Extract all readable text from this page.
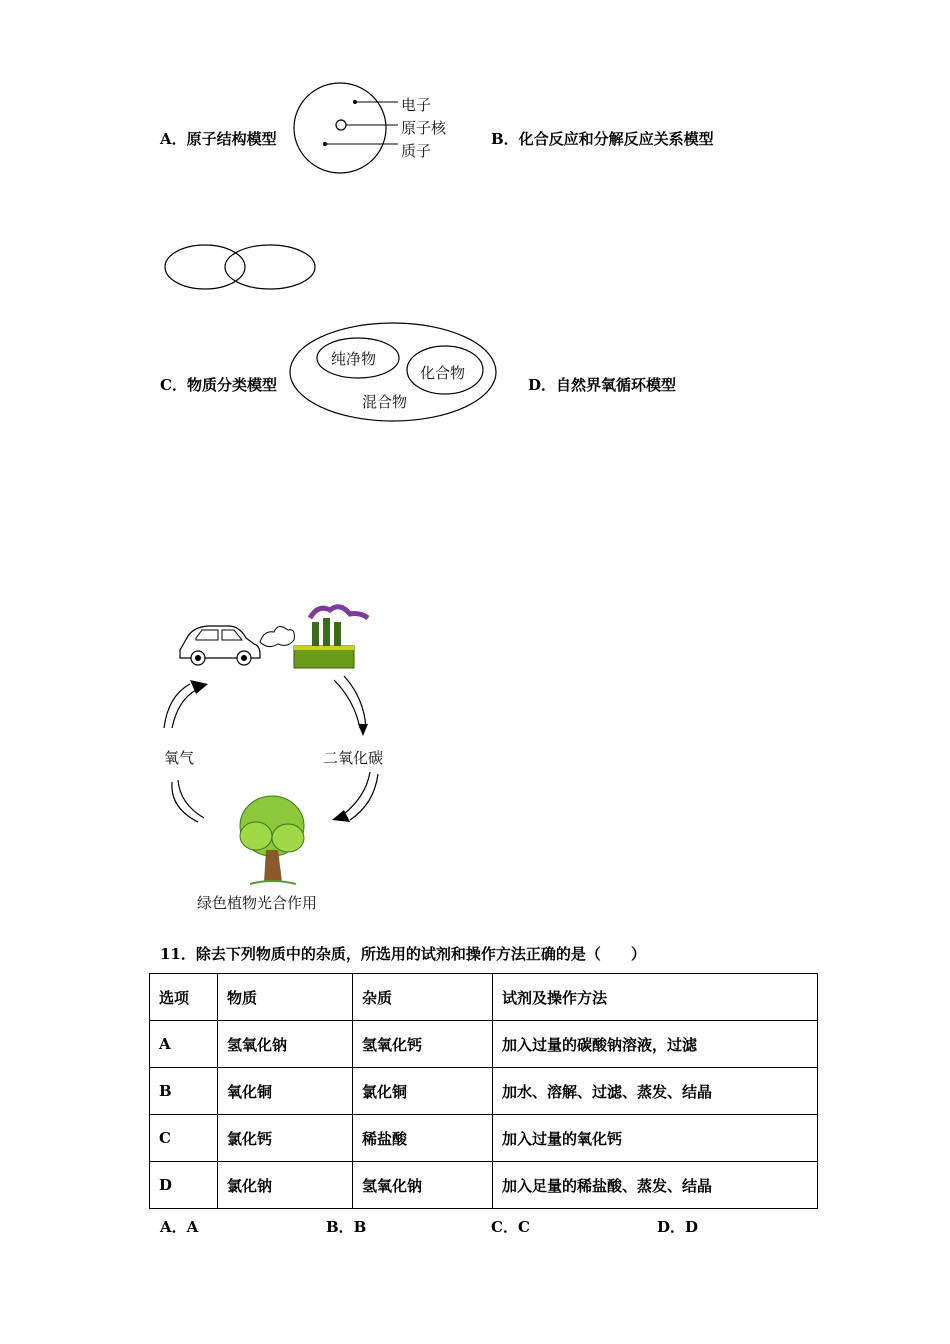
A．原子结构模型	B．化合反应和分解反应关系模型
电子
原子核
质子
C．物质分类模型	D．自然界氧循环模型
纯净物
化合物
混合物
氧气	二氧化碳
绿色植物光合作用
11．除去下列物质中的杂质，所选用的试剂和操作方法正确的是（　　）
选项	物质	杂质	试剂及操作方法
A	氢氧化钠	氢氧化钙	加入过量的碳酸钠溶液，过滤
B	氧化铜	氯化铜	加水、溶解、过滤、蒸发、结晶
C	氯化钙	稀盐酸	加入过量的氧化钙
D	氯化钠	氢氧化钠	加入足量的稀盐酸、蒸发、结晶
A．A	B．B	C．C	D．D
